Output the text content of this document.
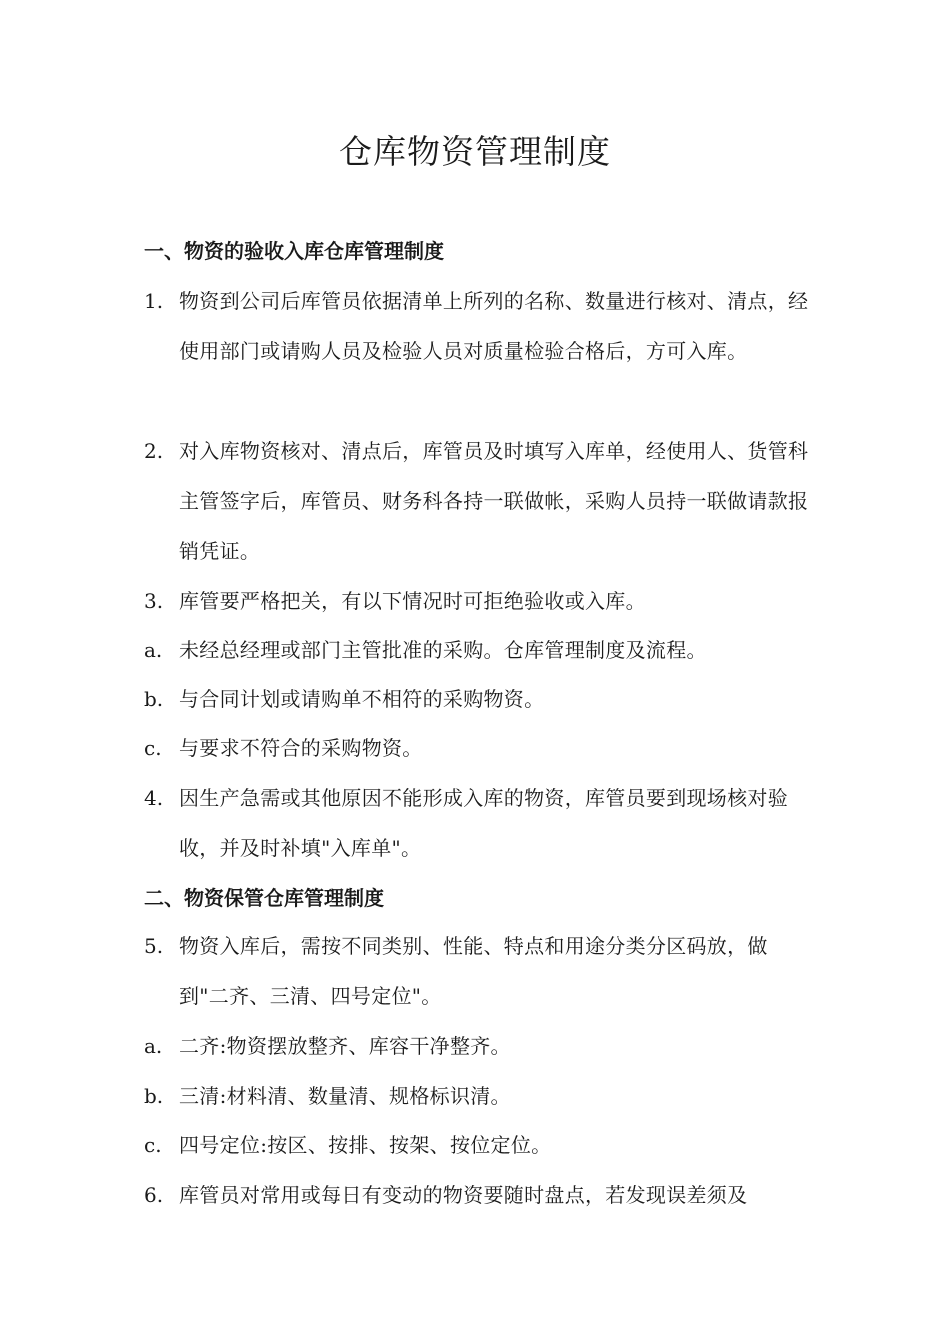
仓库物资管理制度
一、物资的验收入库仓库管理制度
1. 物资到公司后库管员依据清单上所列的名称、数量进行核对、清点，经使用部门或请购人员及检验人员对质量检验合格后，方可入库。
2. 对入库物资核对、清点后，库管员及时填写入库单，经使用人、货管科主管签字后，库管员、财务科各持一联做帐，采购人员持一联做请款报销凭证。
3. 库管要严格把关，有以下情况时可拒绝验收或入库。
a. 未经总经理或部门主管批准的采购。仓库管理制度及流程。
b. 与合同计划或请购单不相符的采购物资。
c. 与要求不符合的采购物资。
4. 因生产急需或其他原因不能形成入库的物资，库管员要到现场核对验收，并及时补填"入库单"。
二、物资保管仓库管理制度
5. 物资入库后，需按不同类别、性能、特点和用途分类分区码放，做到"二齐、三清、四号定位"。
a. 二齐:物资摆放整齐、库容干净整齐。
b. 三清:材料清、数量清、规格标识清。
c. 四号定位:按区、按排、按架、按位定位。
6. 库管员对常用或每日有变动的物资要随时盘点，若发现误差须及
